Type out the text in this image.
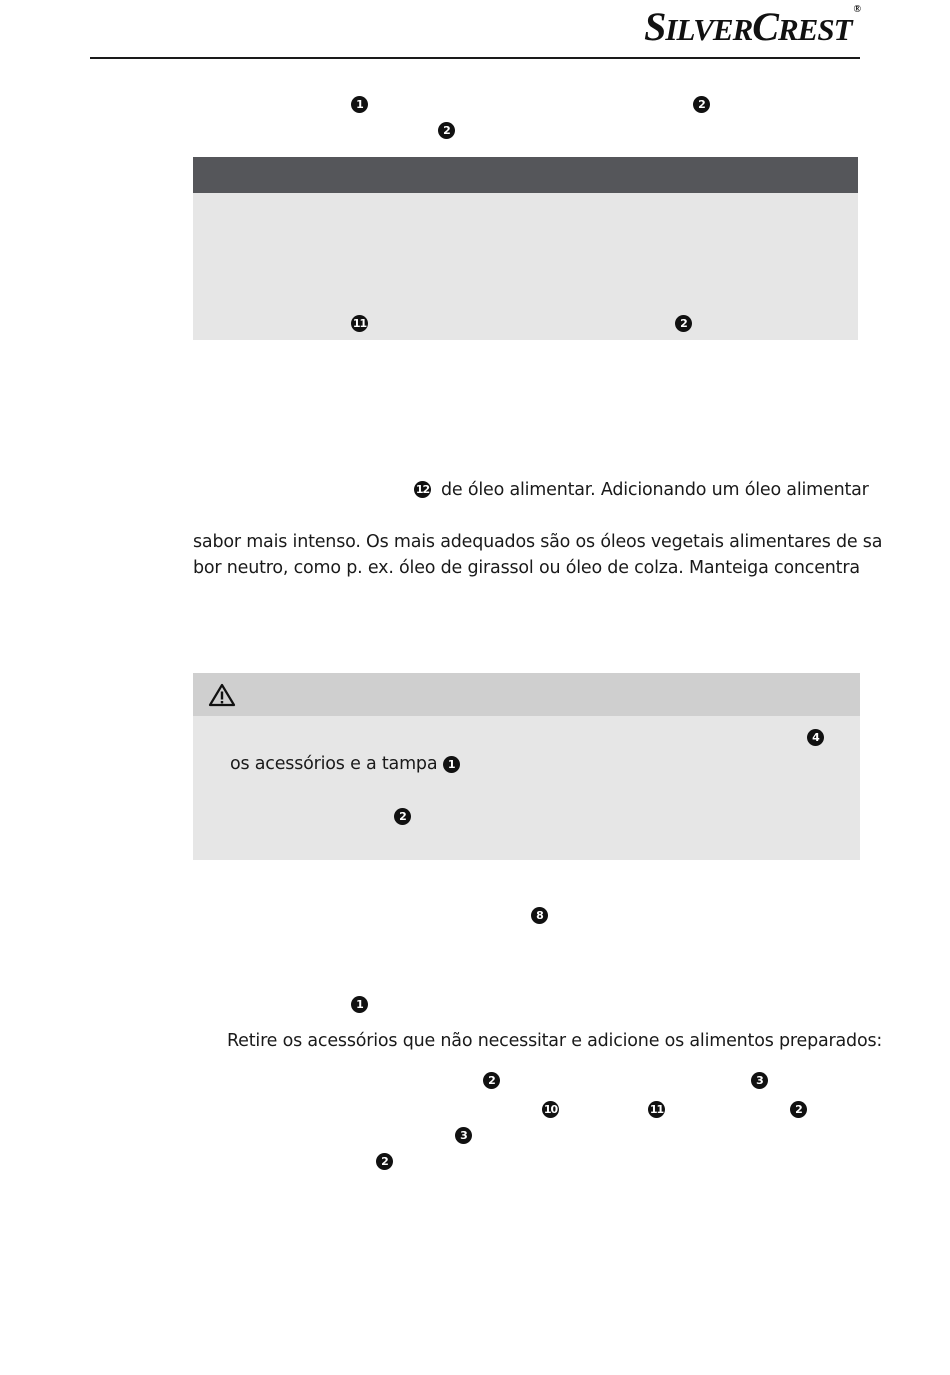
SILVERCREST®
1	2
2
11	2
12 de óleo alimentar. Adicionando um óleo alimentar
sabor mais intenso. Os mais adequados são os óleos vegetais alimentares de sa
bor neutro, como p. ex. óleo de girassol ou óleo de colza. Manteiga concentra
4
os acessórios e a tampa 1
2
8
1
Retire os acessórios que não necessitar e adicione os alimentos preparados:
2	3
10	11	2
3
2
